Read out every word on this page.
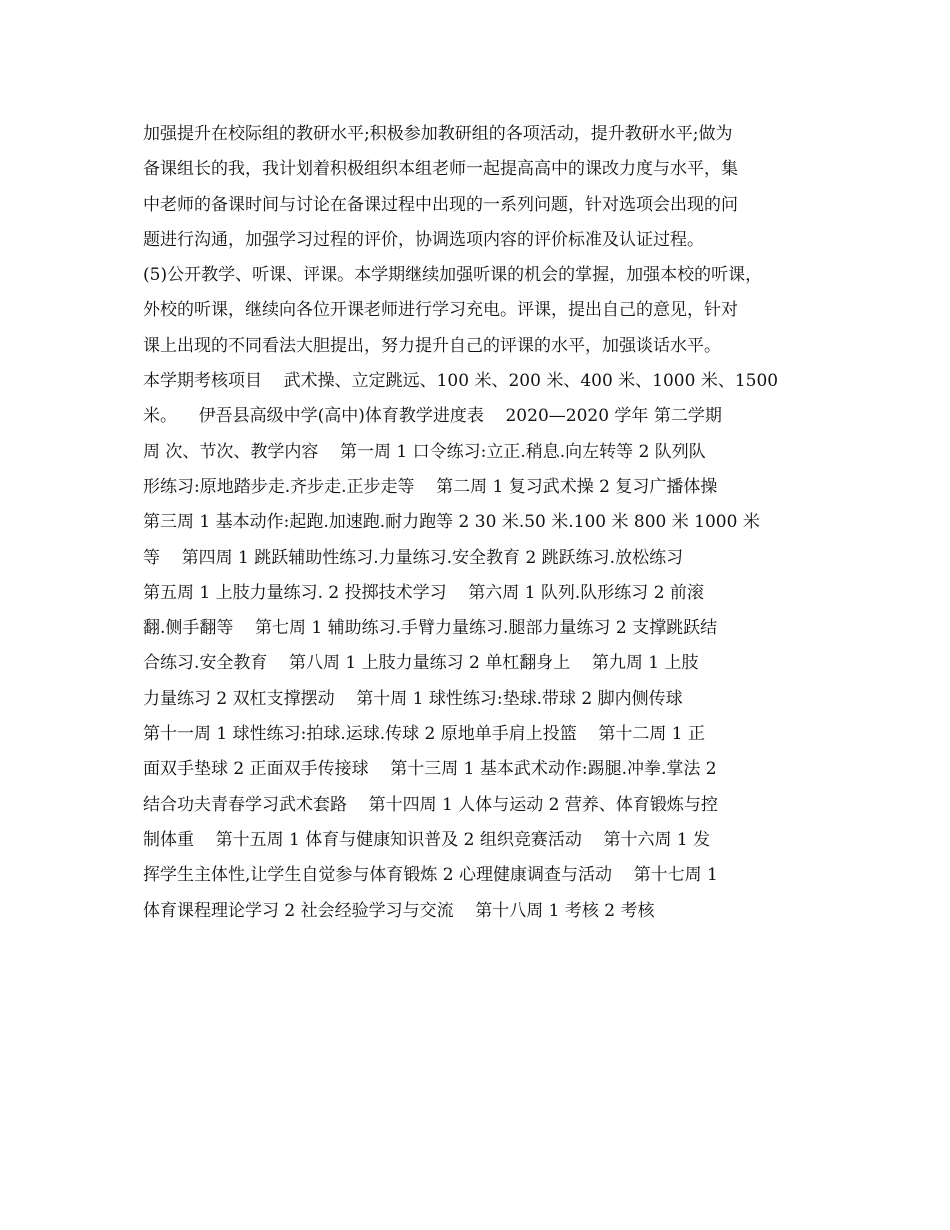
加强提升在校际组的教研水平;积极参加教研组的各项活动，提升教研水平;做为
备课组长的我，我计划着积极组织本组老师一起提高高中的课改力度与水平，集
中老师的备课时间与讨论在备课过程中出现的一系列问题，针对选项会出现的问
题进行沟通，加强学习过程的评价，协调选项内容的评价标准及认证过程。
(5)公开教学、听课、评课。本学期继续加强听课的机会的掌握，加强本校的听课，
外校的听课，继续向各位开课老师进行学习充电。评课，提出自己的意见，针对
课上出现的不同看法大胆提出，努力提升自己的评课的水平，加强谈话水平。
本学期考核项目    武术操、立定跳远、100 米、200 米、400 米、1000 米、1500
米。    伊吾县高级中学(高中)体育教学进度表    2020—2020 学年 第二学期
周 次、节次、教学内容    第一周 1 口令练习:立正.稍息.向左转等 2 队列队
形练习:原地踏步走.齐步走.正步走等    第二周 1 复习武术操 2 复习广播体操
第三周 1 基本动作:起跑.加速跑.耐力跑等 2 30 米.50 米.100 米 800 米 1000 米
等    第四周 1 跳跃辅助性练习.力量练习.安全教育 2 跳跃练习.放松练习
第五周 1 上肢力量练习. 2 投掷技术学习    第六周 1 队列.队形练习 2 前滚
翻.侧手翻等    第七周 1 辅助练习.手臂力量练习.腿部力量练习 2 支撑跳跃结
合练习.安全教育    第八周 1 上肢力量练习 2 单杠翻身上    第九周 1 上肢
力量练习 2 双杠支撑摆动    第十周 1 球性练习:垫球.带球 2 脚内侧传球
第十一周 1 球性练习:拍球.运球.传球 2 原地单手肩上投篮    第十二周 1 正
面双手垫球 2 正面双手传接球    第十三周 1 基本武术动作:踢腿.冲拳.掌法 2
结合功夫青春学习武术套路    第十四周 1 人体与运动 2 营养、体育锻炼与控
制体重    第十五周 1 体育与健康知识普及 2 组织竞赛活动    第十六周 1 发
挥学生主体性,让学生自觉参与体育锻炼 2 心理健康调查与活动    第十七周 1
体育课程理论学习 2 社会经验学习与交流    第十八周 1 考核 2 考核
